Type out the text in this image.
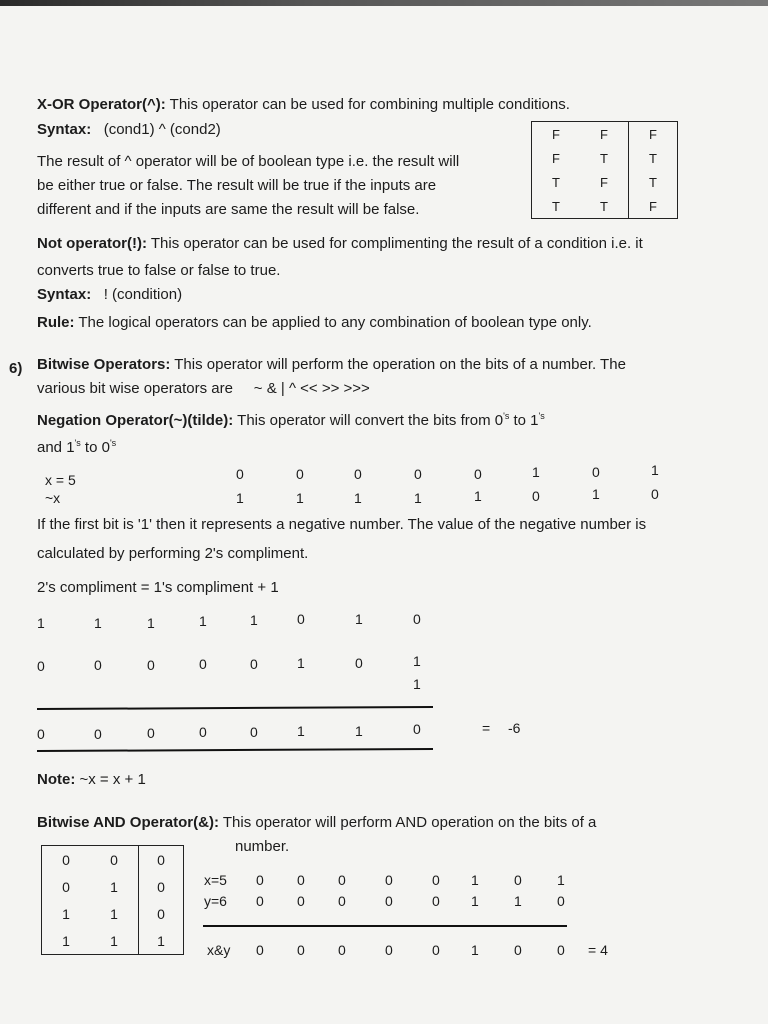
X-OR Operator(^): This operator can be used for combining multiple conditions.
Syntax: (cond1) ^ (cond2)
The result of ^ operator will be of boolean type i.e. the result will
be either true or false. The result will be true if the inputs are
different and if the inputs are same the result will be false.
F	F	F
F	T	T
T	F	T
T	T	F
Not operator(!): This operator can be used for complimenting the result of a condition i.e. it
converts true to false or false to true.
Syntax: ! (condition)
Rule: The logical operators can be applied to any combination of boolean type only.
6) Bitwise Operators: This operator will perform the operation on the bits of a number. The
various bit wise operators are ~ & | ^ << >> >>>
Negation Operator(~)(tilde): This operator will convert the bits from $0^{'s}$ to $1^{'s}$
and $1^{'s}$ to $0^{'s}$
x = 5
~x
0	0	0	0	0	1	0	1
1	1	1	1	1	0	1	0
If the first bit is '1' then it represents a negative number. The value of the negative number is
calculated by performing 2's compliment.
2's compliment = 1's compliment + 1
1	1	1	1	1	0	1	0
0	0	0	0	0	1	0	1
1
0	0	0	0	0	1	1	0	= -6
Note: ~x = x + 1
Bitwise AND Operator(&): This operator will perform AND operation on the bits of a
number.
0	0	0
0	1	0
1	1	0
1	1	1
x=5
y=6
0 0 0	0	0 1	0	1
0 0 0	0	0 1	1	0
x&y 0 0 0	0	0 1	0	0 = 4
